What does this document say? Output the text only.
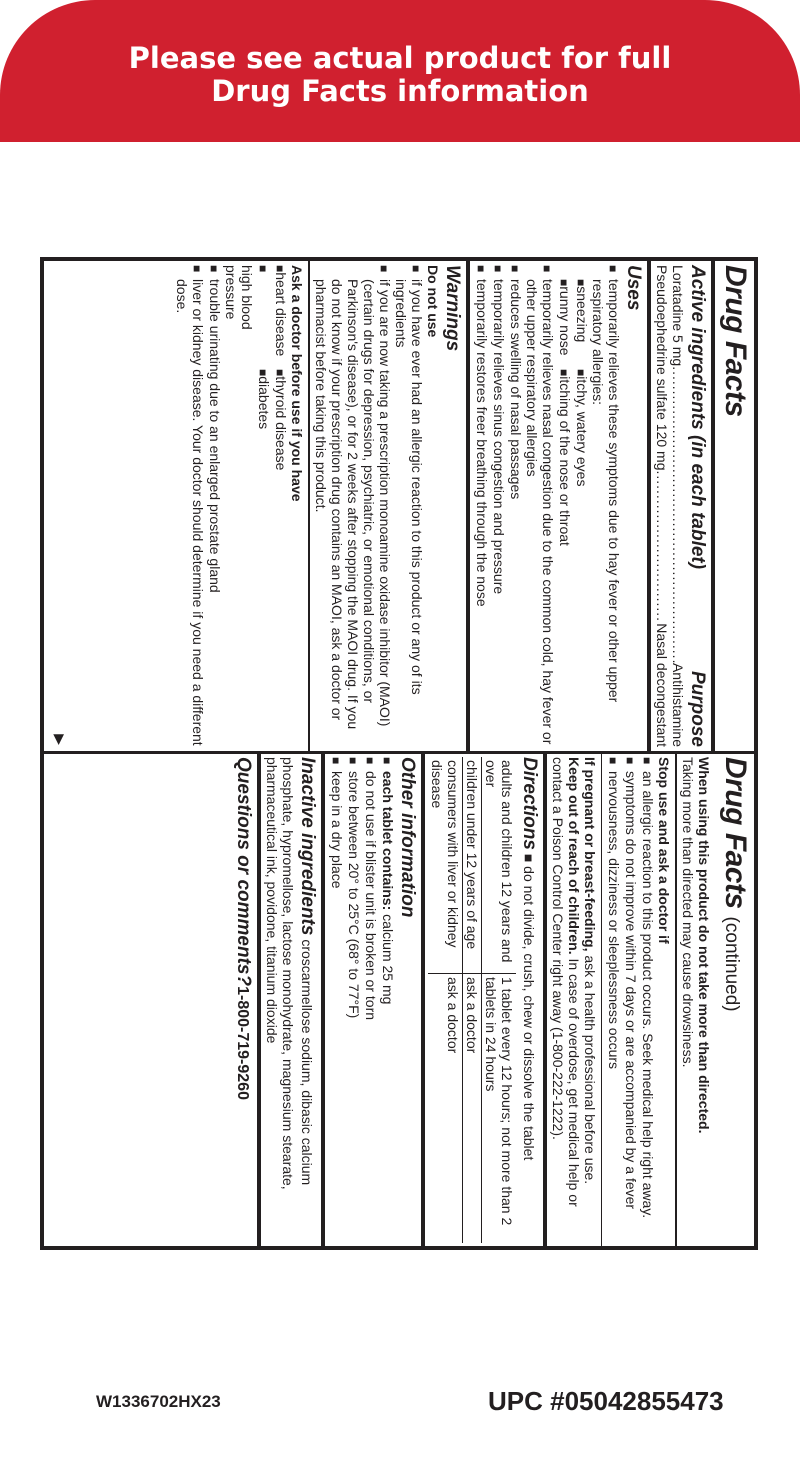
Please see actual product for full
Drug Facts information
Drug Facts
Active ingredients (in each tablet)
Purpose
Loratadine 5 mg
.....
Antihistamine
Pseudoephedrine sulfate 120 mg
.....
Nasal decongestant
Uses
■
temporarily relieves these symptoms due to hay fever or other upper respiratory allergies:
■sneezing
■itchy, watery eyes
■runny nose
■itching of the nose or throat
■
temporarily relieves nasal congestion due to the common cold, hay fever or other upper respiratory allergies
■
reduces swelling of nasal passages
■
temporarily relieves sinus congestion and pressure
■
temporarily restores freer breathing through the nose
Warnings
Do not use
■
if you have ever had an allergic reaction to this product or any of its ingredients
■
if you are now taking a prescription monoamine oxidase inhibitor (MAOI) (certain drugs for depression, psychiatric, or emotional conditions, or Parkinson's disease), or for 2 weeks after stopping the MAOI drug. If you do not know if your prescription drug contains an MAOI, ask a doctor or pharmacist before taking this product.
Ask a doctor before use if you have
■heart disease
■thyroid disease
■high blood pressure
■diabetes
■
trouble urinating due to an enlarged prostate gland
■
liver or kidney disease. Your doctor should determine if you need a different dose.
▶
Drug Facts (continued)
When using this product do not take more than directed.
Taking more than directed may cause drowsiness.
Stop use and ask a doctor if
■
an allergic reaction to this product occurs. Seek medical help right away.
■
symptoms do not improve within 7 days or are accompanied by a fever
■
nervousness, dizziness or sleeplessness occurs
If pregnant or breast-feeding, ask a health professional before use.
Keep out of reach of children. In case of overdose, get medical help or contact a Poison Control Center right away (1-800-222-1222).
Directions ■ do not divide, crush, chew or dissolve the tablet
adults and children 12 years and over	1 tablet every 12 hours; not more than 2 tablets in 24 hours
children under 12 years of age	ask a doctor
consumers with liver or kidney disease	ask a doctor
Other information
■
each tablet contains: calcium 25 mg
■
do not use if blister unit is broken or torn
■
store between 20° to 25°C (68° to 77°F)
■
keep in a dry place
Inactive ingredients croscarmellose sodium, dibasic calcium phosphate, hypromellose, lactose monohydrate, magnesium stearate, pharmaceutical ink, povidone, titanium dioxide
Questions or comments?1-800-719-9260
W1336702HX23	UPC #05042855473
